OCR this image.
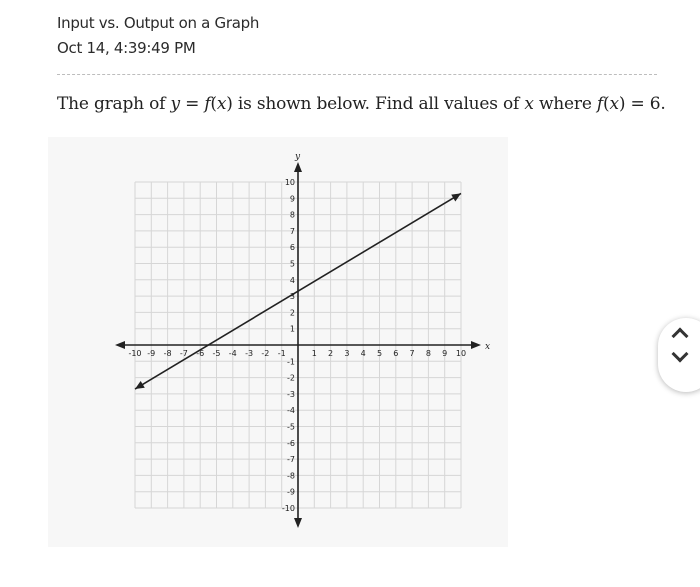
Input vs. Output on a Graph
Oct 14, 4:39:49 PM
The graph of y = f(x) is shown below. Find all values of x where f(x) = 6.
x
y
-10 -9 -8 -7 -6 -5 -4 -3 -2 -1	1 2 3 4 5 6 7 8 9 10
10
9
8
7
6
5
4
3
2
1
-1
-2
-3
-4
-5
-6
-7
-8
-9
-10
